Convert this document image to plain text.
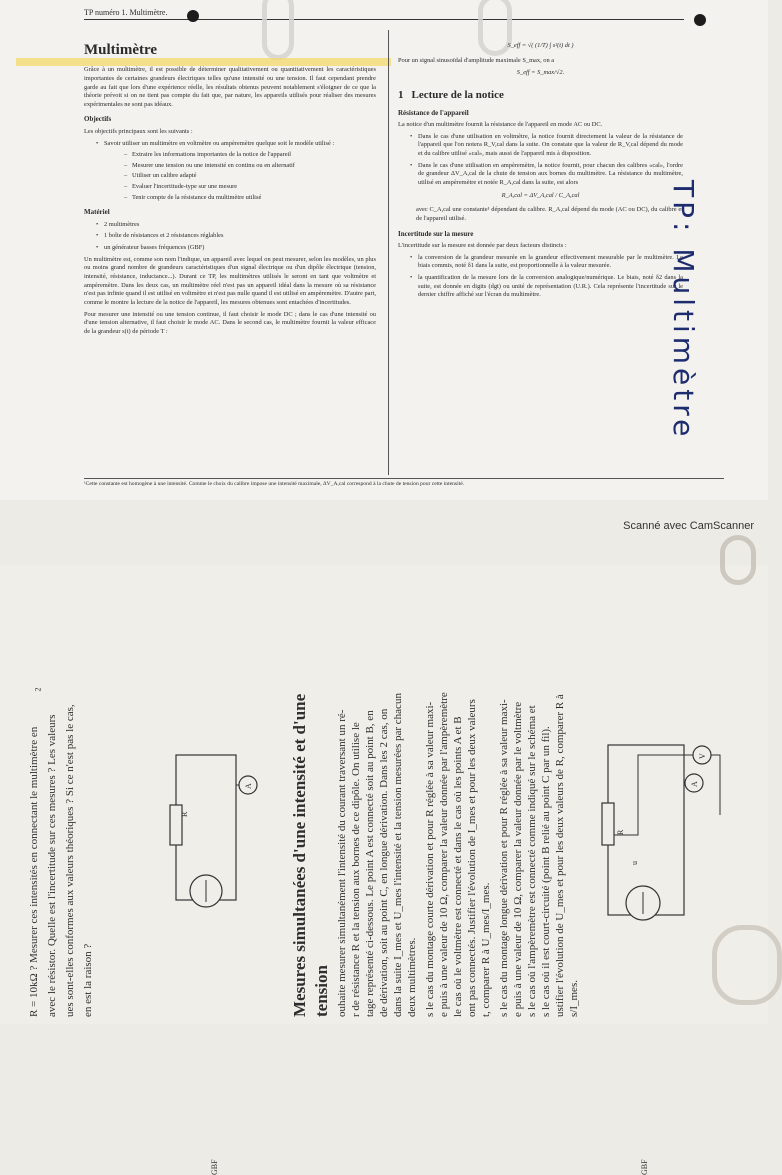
TP numéro 1. Multimètre.
Multimètre

Grâce à un multimètre, il est possible de déterminer qualitativement ou quantitativement les caractéristiques importantes de certaines grandeurs électriques telles qu'une intensité ou une tension. Il faut cependant prendre garde au fait que lors d'une expérience réelle, les résultats obtenus peuvent notablement s'éloigner de ce que la théorie prévoit si on ne tient pas compte du fait que, par nature, les appareils utilisés pour réaliser des mesures expérimentales ne sont pas idéaux.

Objectifs

Les objectifs principaux sont les suivants :

• Savoir utiliser un multimètre en voltmètre ou ampèremètre quelque soit le modèle utilisé :
– Extraire les informations importantes de la notice de l'appareil
– Mesurer une tension ou une intensité en continu ou en alternatif
– Utiliser un calibre adapté
– Evaluer l'incertitude-type sur une mesure
– Tenir compte de la résistance du multimètre utilisé
Matériel
• 2 multimètres
• 1 boîte de résistances et 2 résistances réglables
• un générateur basses fréquences (GBF)

Un multimètre est, comme son nom l'indique, un appareil avec lequel on peut mesurer, selon les modèles, un plus ou moins grand nombre de grandeurs caractéristiques d'un signal électrique ou d'un dipôle électrique (tension, intensité, résistance, inductance...). Durant ce TP, les multimètres utilisés le seront en tant que voltmètre et ampèremètre. Dans les deux cas, un multimètre réel n'est pas un appareil idéal dans la mesure où sa résistance n'est pas infinie quand il est utilisé en voltmètre et n'est pas nulle quand il est utilisé en ampèremètre. D'autre part, comme le montre la lecture de la notice de l'appareil, les mesures obtenues sont entachées d'incertitudes.

Pour mesurer une intensité ou une tension continue, il faut choisir le mode DC ; dans le cas d'une intensité ou d'une tension alternative, il faut choisir le mode AC. Dans le second cas, le multimètre fournit la valeur efficace de la grandeur s(t) de période T :

S_eff = √( (1/T) ∫ s²(t) dt )

Pour un signal sinusoïdal d'amplitude maximale S_max, on a

S_eff = S_max/√2.
1 Lecture de la notice
Résistance de l'appareil

La notice d'un multimètre fournit la résistance de l'appareil en mode AC ou DC.

• Dans le cas d'une utilisation en voltmètre, la notice fournit directement la valeur de la résistance de l'appareil que l'on notera R_V,cal dans la suite. On constate que la valeur de R_V,cal dépend du mode et du calibre utilisé «cal», mais aussi de l'appareil mis à disposition.
• Dans le cas d'une utilisation en ampèremètre, la notice fournit, pour chacun des calibres «cal», l'ordre de grandeur ΔV_A,cal de la chute de tension aux bornes du multimètre. La résistance du multimètre, utilisé en ampèremètre et notée R_A,cal dans la suite, est alors
R_A,cal = ΔV_A,cal / C_A,cal

avec C_A,cal une constante¹ dépendant du calibre. R_A,cal dépend du mode (AC ou DC), du calibre et de l'appareil utilisé.

Incertitude sur la mesure

L'incertitude sur la mesure est donnée par deux facteurs distincts :

• la conversion de la grandeur mesurée en la grandeur effectivement mesurable par le multimètre. Le biais commis, noté δ1 dans la suite, est proportionnelle à la valeur mesurée.
• la quantification de la mesure lors de la conversion analogique/numérique. Le biais, noté δ2 dans la suite, est donnée en digits (dgt) ou unité de représentation (U.R.). Cela représente l'incertitude sur le dernier chiffre affiché sur l'écran du multimètre.
¹Cette constante est homogène à une intensité. Comme le choix du calibre impose une intensité maximale, ΔV_A,cal correspond à la chute de tension pour cette intensité.
TP: Multimètre
Scanné avec CamScanner
2
R = 10kΩ ? Mesurer ces intensités en connectant le multimètre en avec le résistor. Quelle est l'incertitude sur ces mesures ? Les valeurs ues sont-elles conformes aux valeurs théoriques ? Si ce n'est pas le cas, en est la raison ?
GBF
R
A Mesures simultanées d'une intensité et d'une tension ouhaite mesurer simultanément l'intensité du courant traversant un ré- r de résistance R et la tension aux bornes de ce dipôle. On utilise le tage représenté ci-dessous. Le point A est connecté soit au point B, en de dérivation, soit au point C, en longue dérivation. Dans les 2 cas, on dans la suite I_mes et U_mes l'intensité et la tension mesurées par chacun deux multimètres. s le cas du montage courte dérivation et pour R réglée à sa valeur maxi- e puis à une valeur de 10 Ω, comparer la valeur donnée par l'ampèremètre le cas où le voltmètre est connecté et dans le cas où les points A et B ont pas connectés. Justifier l'évolution de I_mes et pour les deux valeurs t, comparer R à U_mes/I_mes. s le cas du montage longue dérivation et pour R réglée à sa valeur maxi- e puis à une valeur de 10 Ω, comparer la valeur donnée par le voltmètre s le cas où l'ampèremètre est connecté comme indiqué sur le schéma et s le cas où il est court-circuité (point B relié au point C par un fil). ustifier l'évolution de U_mes et pour les deux valeurs de R, comparer R à s/I_mes.
GBF
R
u
A
V
